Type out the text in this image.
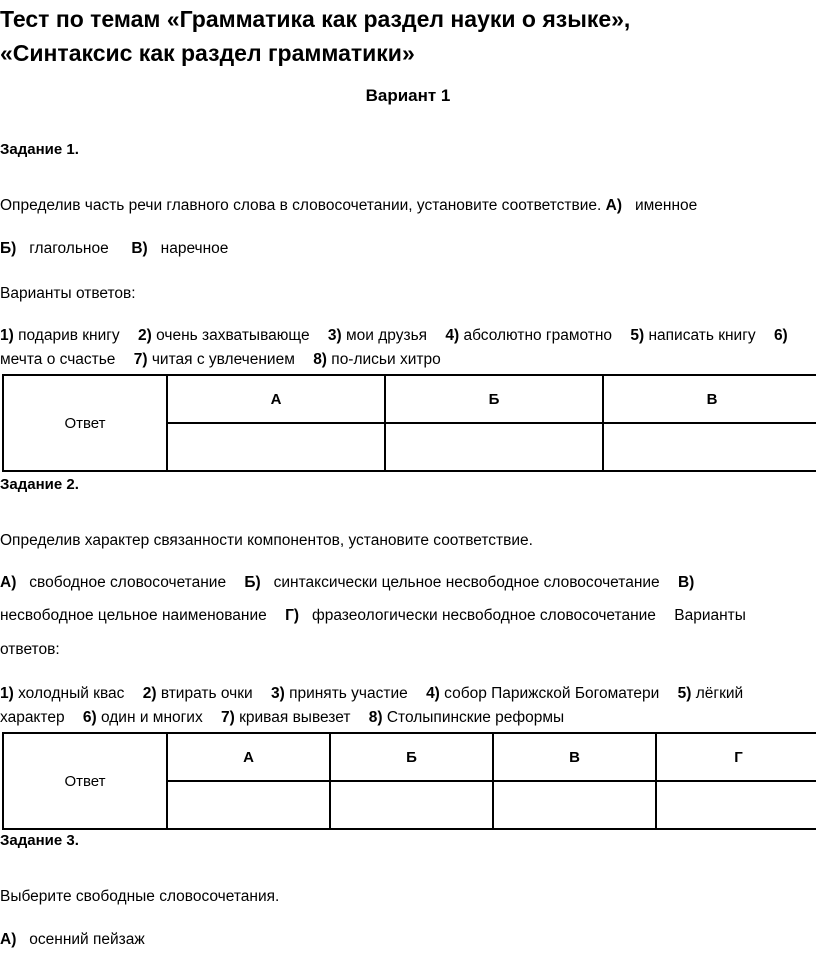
Тест по темам «Грамматика как раздел науки о языке»,
«Синтаксис как раздел грамматики»
Вариант 1
Задание 1.
Определив часть речи главного слова в словосочетании, установите соответствие. А) именное
Б) глагольное В) наречное
Варианты ответов:
1) подарив книгу 2) очень захватывающе 3) мои друзья 4) абсолютно грамотно 5) написать книгу 6) мечта о счастье 7) читая с увлечением 8) по-лисьи хитро
Ответ	А	Б	В

Задание 2.
Определив характер связанности компонентов, установите соответствие.
А) свободное словосочетание Б) синтаксически цельное несвободное словосочетание В)
несвободное цельное наименование Г) фразеологически несвободное словосочетание Варианты
ответов:
1) холодный квас 2) втирать очки 3) принять участие 4) собор Парижской Богоматери 5) лёгкий характер 6) один и многих 7) кривая вывезет 8) Столыпинские реформы
Ответ	А	Б	В	Г

Задание 3.
Выберите свободные словосочетания.
А) осенний пейзаж
